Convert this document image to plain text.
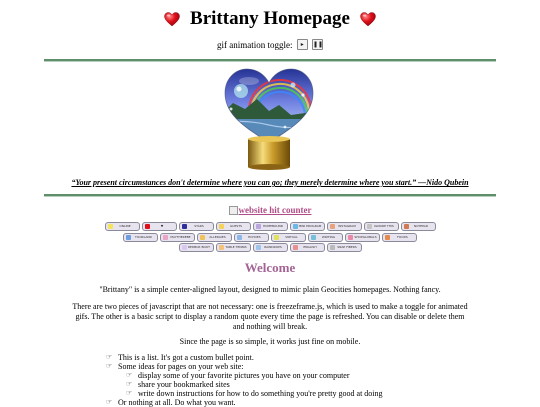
Brittany Homepage
gif animation toggle: ▸ ❚❚
“Your present circumstances don't determine where you can go; they merely determine where you start.” —Nido Qubein
website hit counter
ONLINE	♥	STARS	GUESTS	HOMEBOUND	MINI PROGRAM	INSTAGRAM	IGNORE THIS	NOTEPAD
TOORLAND	MAYTHEREBE	ALLERGIES	ECHOES	VIRTUAL	WRITING	SHOPGLOBALS	FOODS
REDBOX BOOT	TABLE TENNIS	RAINDROPS	ENGLISH	SNAP FIBERS
Welcome
"Brittany" is a simple center-aligned layout, designed to mimic plain Geocities homepages. Nothing fancy.
There are two pieces of javascript that are not necessary: one is freezeframe.js, which is used to make a toggle for animated gifs. The other is a basic script to display a random quote every time the page is refreshed. You can disable or delete them and nothing will break.
Since the page is so simple, it works just fine on mobile.
☞ This is a list. It's got a custom bullet point.
☞ Some ideas for pages on your web site:
☞ display some of your favorite pictures you have on your computer
☞ share your bookmarked sites
☞ write down instructions for how to do something you're pretty good at doing
☞ Or nothing at all. Do what you want.
